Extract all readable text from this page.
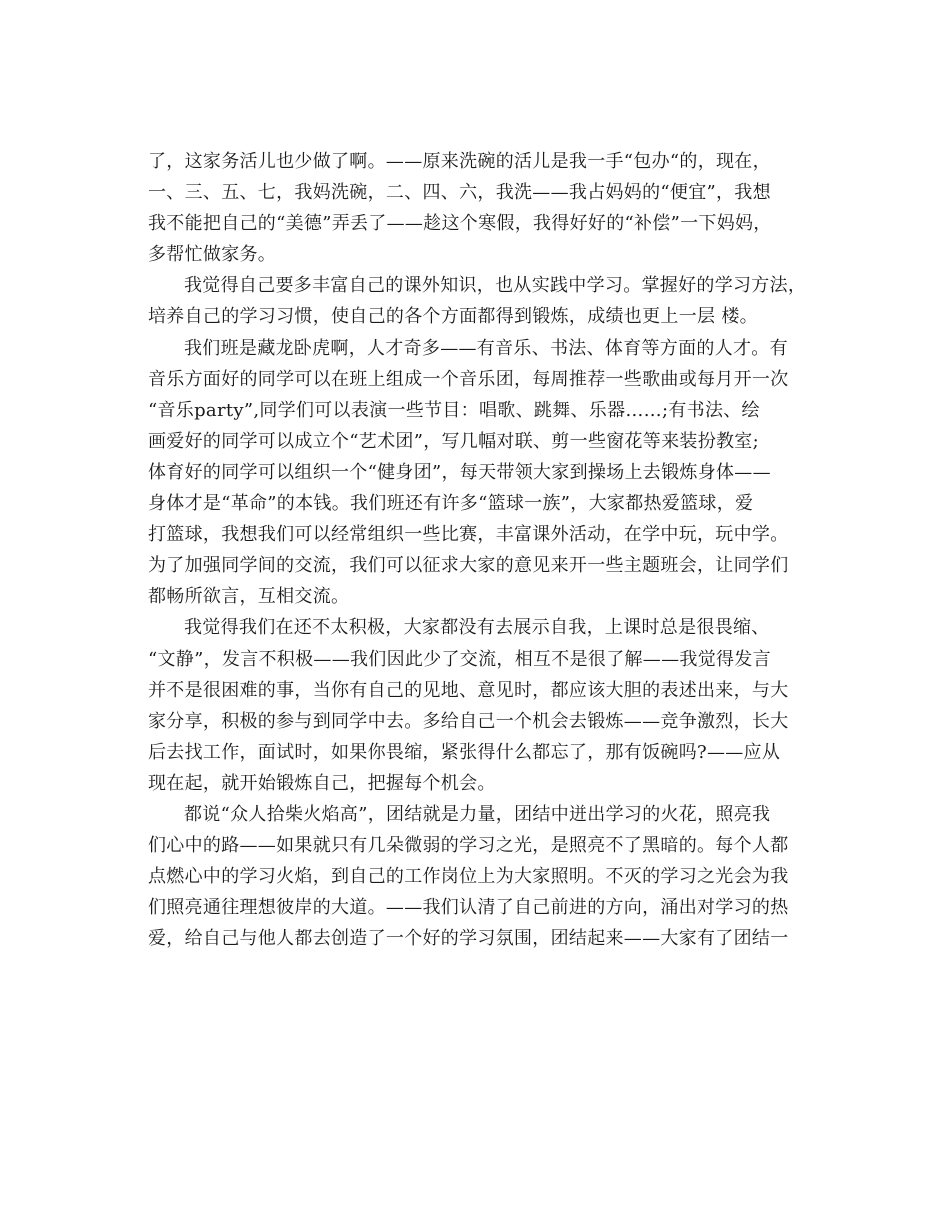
了，这家务活儿也少做了啊。——原来洗碗的活儿是我一手“包办“的，现在，
一、三、五、七，我妈洗碗，二、四、六，我洗——我占妈妈的“便宜”，我想
我不能把自己的“美德”弄丢了——趁这个寒假，我得好好的“补偿”一下妈妈，
多帮忙做家务。
我觉得自己要多丰富自己的课外知识，也从实践中学习。掌握好的学习方法，
培养自己的学习习惯，使自己的各个方面都得到锻炼，成绩也更上一层 楼。
我们班是藏龙卧虎啊，人才奇多——有音乐、书法、体育等方面的人才。有
音乐方面好的同学可以在班上组成一个音乐团，每周推荐一些歌曲或每月开一次
“音乐party”,同学们可以表演一些节目：唱歌、跳舞、乐器……;有书法、绘
画爱好的同学可以成立个“艺术团”，写几幅对联、剪一些窗花等来装扮教室;
体育好的同学可以组织一个“健身团”，每天带领大家到操场上去锻炼身体——
身体才是“革命”的本钱。我们班还有许多“篮球一族”，大家都热爱篮球，爱
打篮球，我想我们可以经常组织一些比赛，丰富课外活动，在学中玩，玩中学。
为了加强同学间的交流，我们可以征求大家的意见来开一些主题班会，让同学们
都畅所欲言，互相交流。
我觉得我们在还不太积极，大家都没有去展示自我，上课时总是很畏缩、
“文静”，发言不积极——我们因此少了交流，相互不是很了解——我觉得发言
并不是很困难的事，当你有自己的见地、意见时，都应该大胆的表述出来，与大
家分享，积极的参与到同学中去。多给自己一个机会去锻炼——竞争激烈，长大
后去找工作，面试时，如果你畏缩，紧张得什么都忘了，那有饭碗吗?——应从
现在起，就开始锻炼自己，把握每个机会。
都说“众人拾柴火焰高”，团结就是力量，团结中迸出学习的火花，照亮我
们心中的路——如果就只有几朵微弱的学习之光，是照亮不了黑暗的。每个人都
点燃心中的学习火焰，到自己的工作岗位上为大家照明。不灭的学习之光会为我
们照亮通往理想彼岸的大道。——我们认清了自己前进的方向，涌出对学习的热
爱，给自己与他人都去创造了一个好的学习氛围，团结起来——大家有了团结一
